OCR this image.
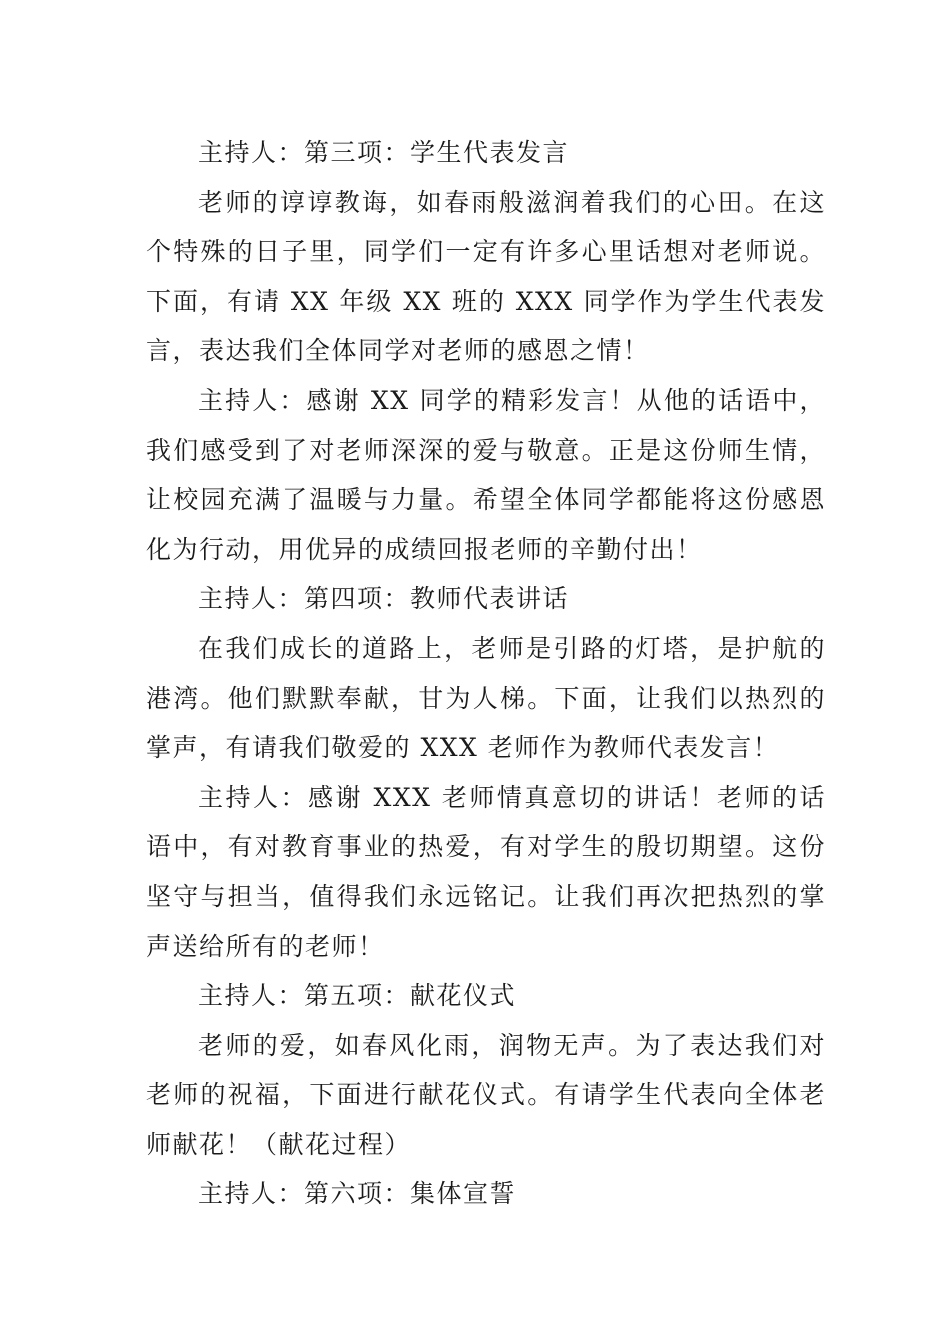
主持人：第三项：学生代表发言

老师的谆谆教诲，如春雨般滋润着我们的心田。在这个特殊的日子里，同学们一定有许多心里话想对老师说。下面，有请 XX 年级 XX 班的 XXX 同学作为学生代表发言，表达我们全体同学对老师的感恩之情！

主持人：感谢 XX 同学的精彩发言！从他的话语中，我们感受到了对老师深深的爱与敬意。正是这份师生情，让校园充满了温暖与力量。希望全体同学都能将这份感恩化为行动，用优异的成绩回报老师的辛勤付出！

主持人：第四项：教师代表讲话

在我们成长的道路上，老师是引路的灯塔，是护航的港湾。他们默默奉献，甘为人梯。下面，让我们以热烈的掌声，有请我们敬爱的 XXX 老师作为教师代表发言！

主持人：感谢 XXX 老师情真意切的讲话！老师的话语中，有对教育事业的热爱，有对学生的殷切期望。这份坚守与担当，值得我们永远铭记。让我们再次把热烈的掌声送给所有的老师！

主持人：第五项：献花仪式

老师的爱，如春风化雨，润物无声。为了表达我们对老师的祝福，下面进行献花仪式。有请学生代表向全体老师献花！（献花过程）

主持人：第六项：集体宣誓
